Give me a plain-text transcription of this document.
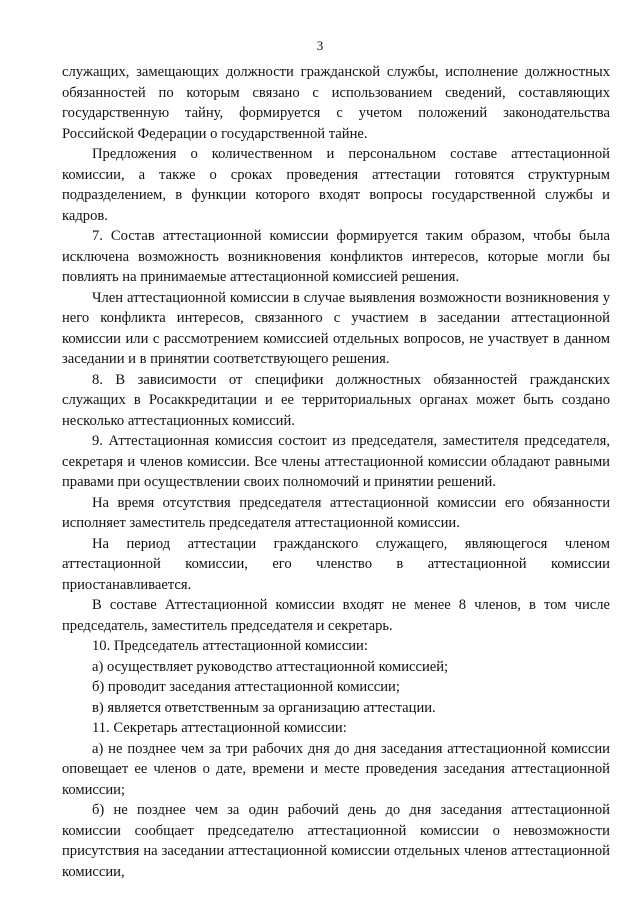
3

служащих, замещающих должности гражданской службы, исполнение должностных обязанностей по которым связано с использованием сведений, составляющих государственную тайну, формируется с учетом положений законодательства Российской Федерации о государственной тайне.

Предложения о количественном и персональном составе аттестационной комиссии, а также о сроках проведения аттестации готовятся структурным подразделением, в функции которого входят вопросы государственной службы и кадров.

7. Состав аттестационной комиссии формируется таким образом, чтобы была исключена возможность возникновения конфликтов интересов, которые могли бы повлиять на принимаемые аттестационной комиссией решения.

Член аттестационной комиссии в случае выявления возможности возникновения у него конфликта интересов, связанного с участием в заседании аттестационной комиссии или с рассмотрением комиссией отдельных вопросов, не участвует в данном заседании и в принятии соответствующего решения.

8. В зависимости от специфики должностных обязанностей гражданских служащих в Росаккредитации и ее территориальных органах может быть создано несколько аттестационных комиссий.

9. Аттестационная комиссия состоит из председателя, заместителя председателя, секретаря и членов комиссии. Все члены аттестационной комиссии обладают равными правами при осуществлении своих полномочий и принятии решений.

На время отсутствия председателя аттестационной комиссии его обязанности исполняет заместитель председателя аттестационной комиссии.

На период аттестации гражданского служащего, являющегося членом аттестационной комиссии, его членство в аттестационной комиссии приостанавливается.

В составе Аттестационной комиссии входят не менее 8 членов, в том числе председатель, заместитель председателя и секретарь.

10. Председатель аттестационной комиссии:

а) осуществляет руководство аттестационной комиссией;

б) проводит заседания аттестационной комиссии;

в) является ответственным за организацию аттестации.

11. Секретарь аттестационной комиссии:

а) не позднее чем за три рабочих дня до дня заседания аттестационной комиссии оповещает ее членов о дате, времени и месте проведения заседания аттестационной комиссии;

б) не позднее чем за один рабочий день до дня заседания аттестационной комиссии сообщает председателю аттестационной комиссии о невозможности присутствия на заседании аттестационной комиссии отдельных членов аттестационной комиссии,
